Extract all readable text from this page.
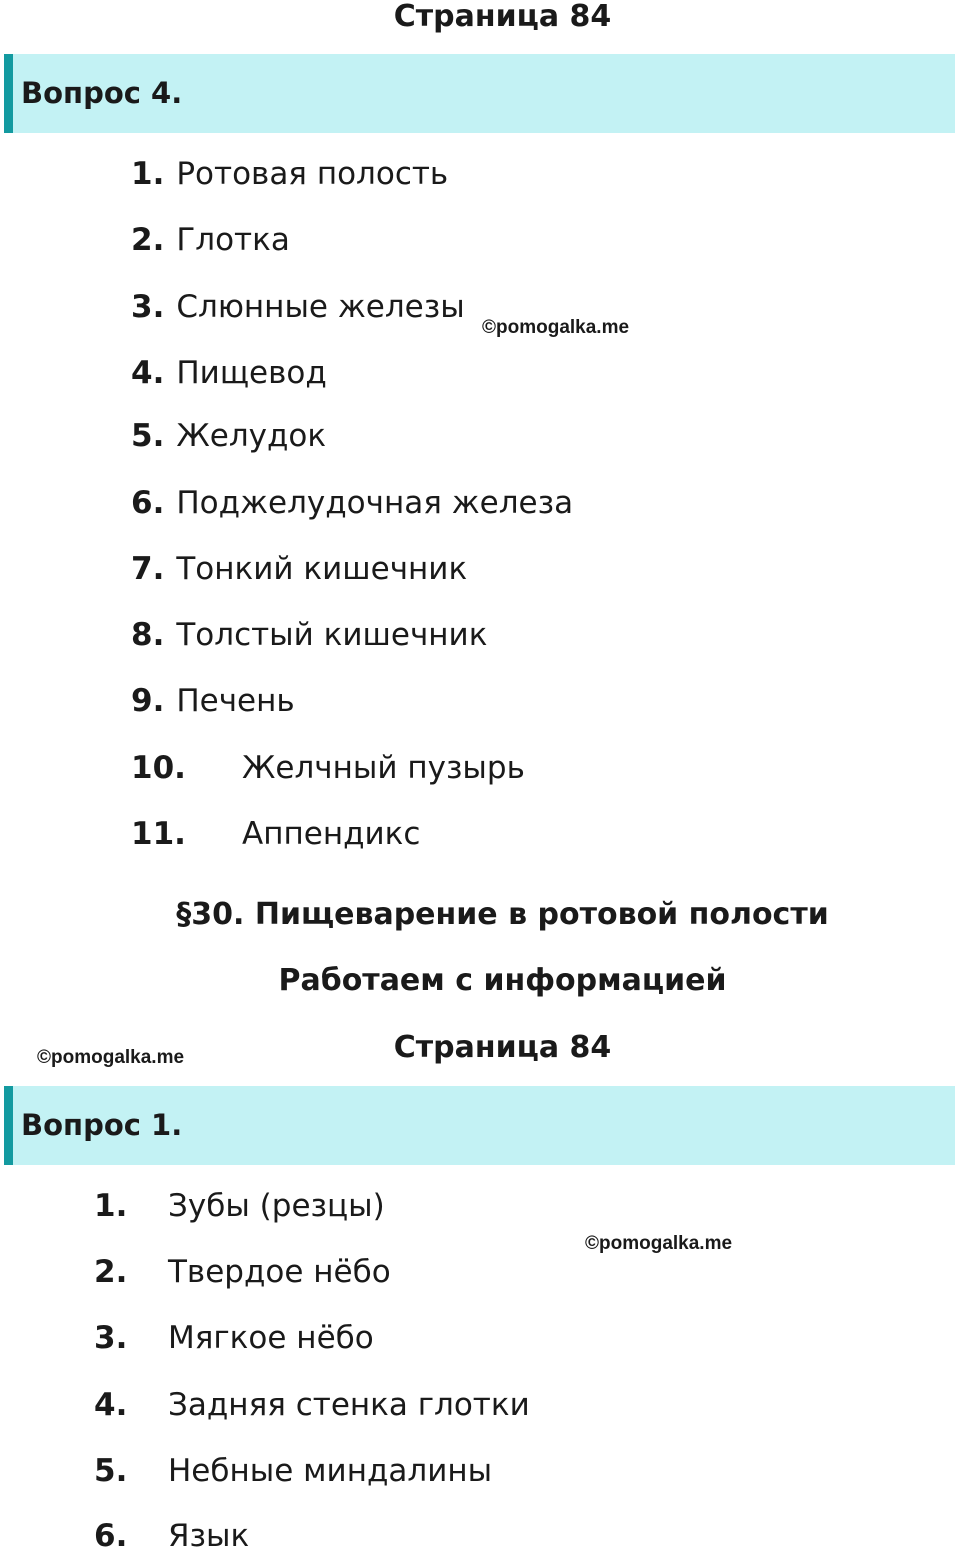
Страница 84
Вопрос 4.
1. Ротовая полость
2. Глотка
3. Слюнные железы
4. Пищевод
5. Желудок
6. Поджелудочная железа
7. Тонкий кишечник
8. Толстый кишечник
9. Печень
10. Желчный пузырь
11. Аппендикс
©pomogalka.me
§30. Пищеварение в ротовой полости
Работаем с информацией
©pomogalka.me	Страница 84
Вопрос 1.
1. Зубы (резцы)
2. Твердое нёбо
3. Мягкое нёбо
4. Задняя стенка глотки
5. Небные миндалины
6. Язык
©pomogalka.me
